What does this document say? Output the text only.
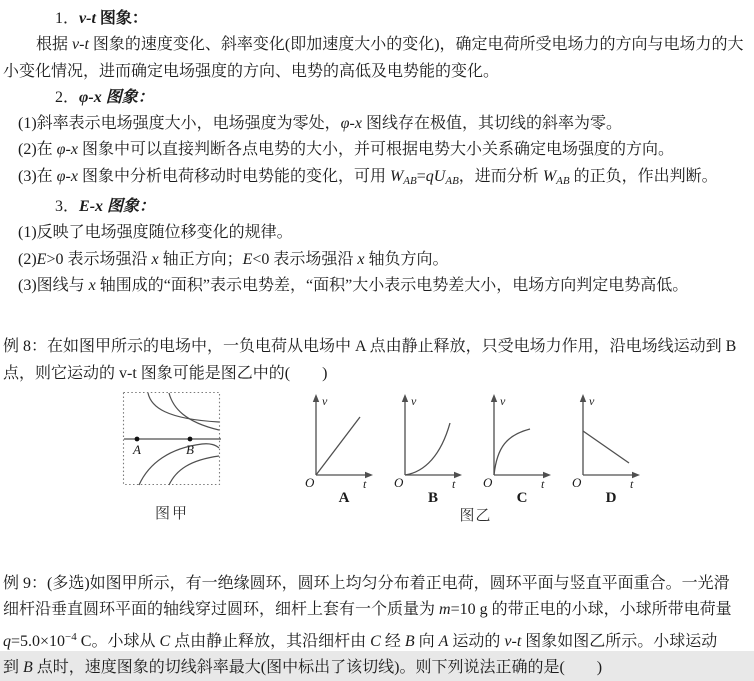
1．v-t 图象：

根据 v-t 图象的速度变化、斜率变化(即加速度大小的变化)，确定电荷所受电场力的方向与电场力的大

小变化情况，进而确定电场强度的方向、电势的高低及电势能的变化。

2．φ-x 图象：

(1)斜率表示电场强度大小，电场强度为零处，φ-x 图线存在极值，其切线的斜率为零。

(2)在 φ-x 图象中可以直接判断各点电势的大小，并可根据电势大小关系确定电场强度的方向。

(3)在 φ-x 图象中分析电荷移动时电势能的变化，可用 $W_{AB}=qU_{AB}$，进而分析 $W_{AB}$ 的正负，作出判断。

3．E-x 图象：

(1)反映了电场强度随位移变化的规律。

(2)E>0 表示场强沿 x 轴正方向；E<0 表示场强沿 x 轴负方向。

(3)图线与 x 轴围成的“面积”表示电势差，“面积”大小表示电势差大小，电场方向判定电势高低。

例 8：在如图甲所示的电场中，一负电荷从电场中 A 点由静止释放，只受电场力作用，沿电场线运动到 B

点，则它运动的 v-t 图象可能是图乙中的(　　)

A	B
图甲
v
O	t
A
v
O	t
B
v
O	t
C
v
O	t
D
图乙

例 9：(多选)如图甲所示，有一绝缘圆环，圆环上均匀分布着正电荷，圆环平面与竖直平面重合。一光滑

细杆沿垂直圆环平面的轴线穿过圆环，细杆上套有一个质量为 m=10 g 的带正电的小球，小球所带电荷量

$q=5.0\times 10^{-4}$ C。小球从 C 点由静止释放，其沿细杆由 C 经 B 向 A 运动的 v-t 图象如图乙所示。小球运动

到 B 点时，速度图象的切线斜率最大(图中标出了该切线)。则下列说法正确的是(　　)
